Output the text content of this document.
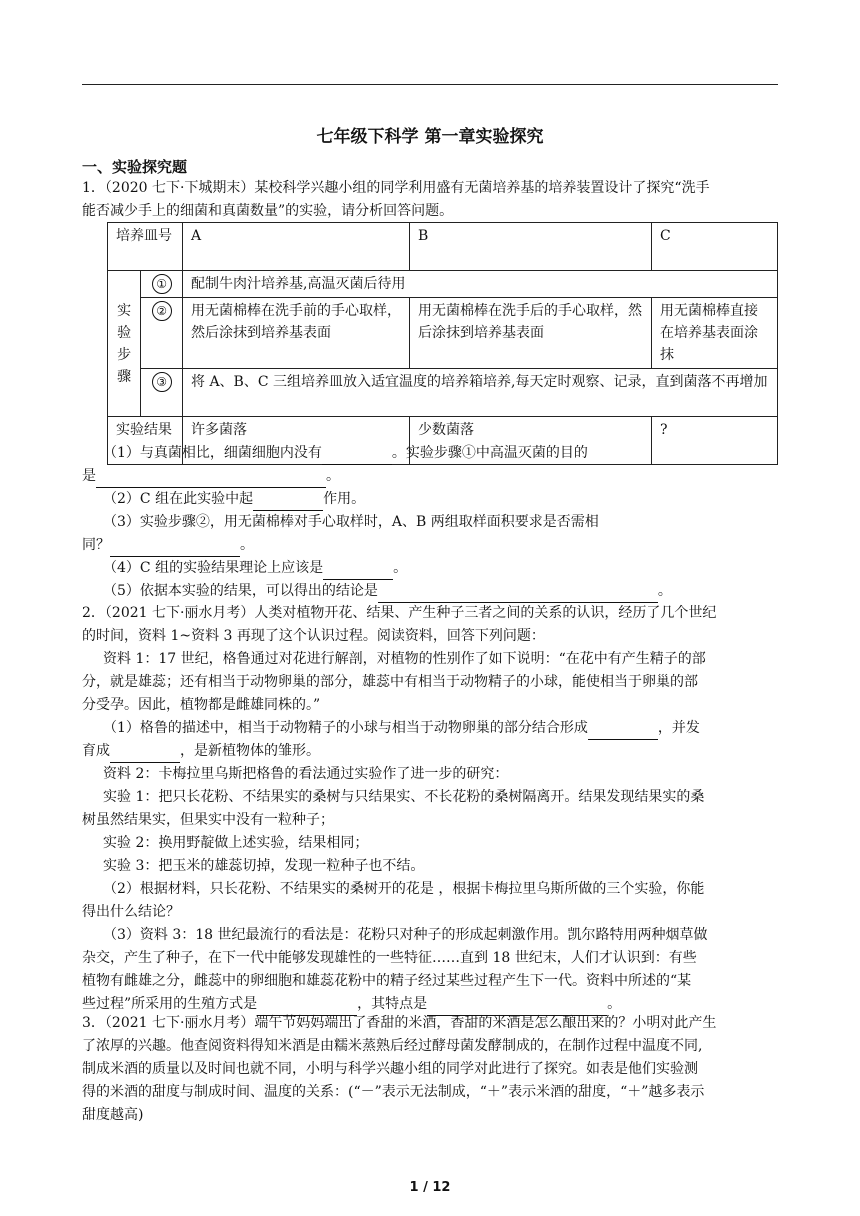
七年级下科学 第一章实验探究
一、实验探究题
1．（2020 七下·下城期末）某校科学兴趣小组的同学利用盛有无菌培养基的培养装置设计了探究“洗手
能否减少手上的细菌和真菌数量”的实验，请分析回答问题。
培养皿号		A	B	C
实验步骤	①	配制牛肉汁培养基,高温灭菌后待用		
	②	用无菌棉棒在洗手前的手心取样，然后涂抹到培养基表面	用无菌棉棒在洗手后的手心取样，然后涂抹到培养基表面	用无菌棉棒直接在培养基表面涂抹
	③	将 A、B、C 三组培养皿放入适宜温度的培养箱培养,每天定时观察、记录，直到菌落不再增加		
实验结果		许多菌落	少数菌落	?
（1）与真菌相比，细菌细胞内没有	。实验步骤①中高温灭菌的目的
是	。
（2）C 组在此实验中起	作用。
（3）实验步骤②，用无菌棉棒对手心取样时，A、B 两组取样面积要求是否需相
同？	。
（4）C 组的实验结果理论上应该是	。
（5）依据本实验的结果，可以得出的结论是	。
2．（2021 七下·丽水月考）人类对植物开花、结果、产生种子三者之间的关系的认识，经历了几个世纪
的时间，资料 1~资料 3 再现了这个认识过程。阅读资料，回答下列问题：
资料 1：17 世纪，格鲁通过对花进行解剖，对植物的性别作了如下说明：“在花中有产生精子的部
分，就是雄蕊；还有相当于动物卵巢的部分，雄蕊中有相当于动物精子的小球，能使相当于卵巢的部
分受孕。因此，植物都是雌雄同株的。”
（1）格鲁的描述中，相当于动物精子的小球与相当于动物卵巢的部分结合形成	，并发
育成	，是新植物体的雏形。
资料 2：卡梅拉里乌斯把格鲁的看法通过实验作了进一步的研究：
实验 1：把只长花粉、不结果实的桑树与只结果实、不长花粉的桑树隔离开。结果发现结果实的桑
树虽然结果实，但果实中没有一粒种子；
实验 2：换用野靛做上述实验，结果相同；
实验 3：把玉米的雄蕊切掉，发现一粒种子也不结。
（2）根据材料，只长花粉、不结果实的桑树开的花是 ，根据卡梅拉里乌斯所做的三个实验，你能
得出什么结论？
（3）资料 3：18 世纪最流行的看法是：花粉只对种子的形成起刺激作用。凯尔路特用两种烟草做
杂交，产生了种子，在下一代中能够发现雄性的一些特征……直到 18 世纪末，人们才认识到：有些
植物有雌雄之分，雌蕊中的卵细胞和雄蕊花粉中的精子经过某些过程产生下一代。资料中所述的“某
些过程”所采用的生殖方式是	，其特点是	。
3．（2021 七下·丽水月考）端午节妈妈端出了香甜的米酒，香甜的米酒是怎么酿出来的？小明对此产生
了浓厚的兴趣。他查阅资料得知米酒是由糯米蒸熟后经过酵母菌发酵制成的，在制作过程中温度不同,
制成米酒的质量以及时间也就不同，小明与科学兴趣小组的同学对此进行了探究。如表是他们实验测
得的米酒的甜度与制成时间、温度的关系：(“－”表示无法制成，“＋”表示米酒的甜度，“＋”越多表示
甜度越高)
1 / 12
